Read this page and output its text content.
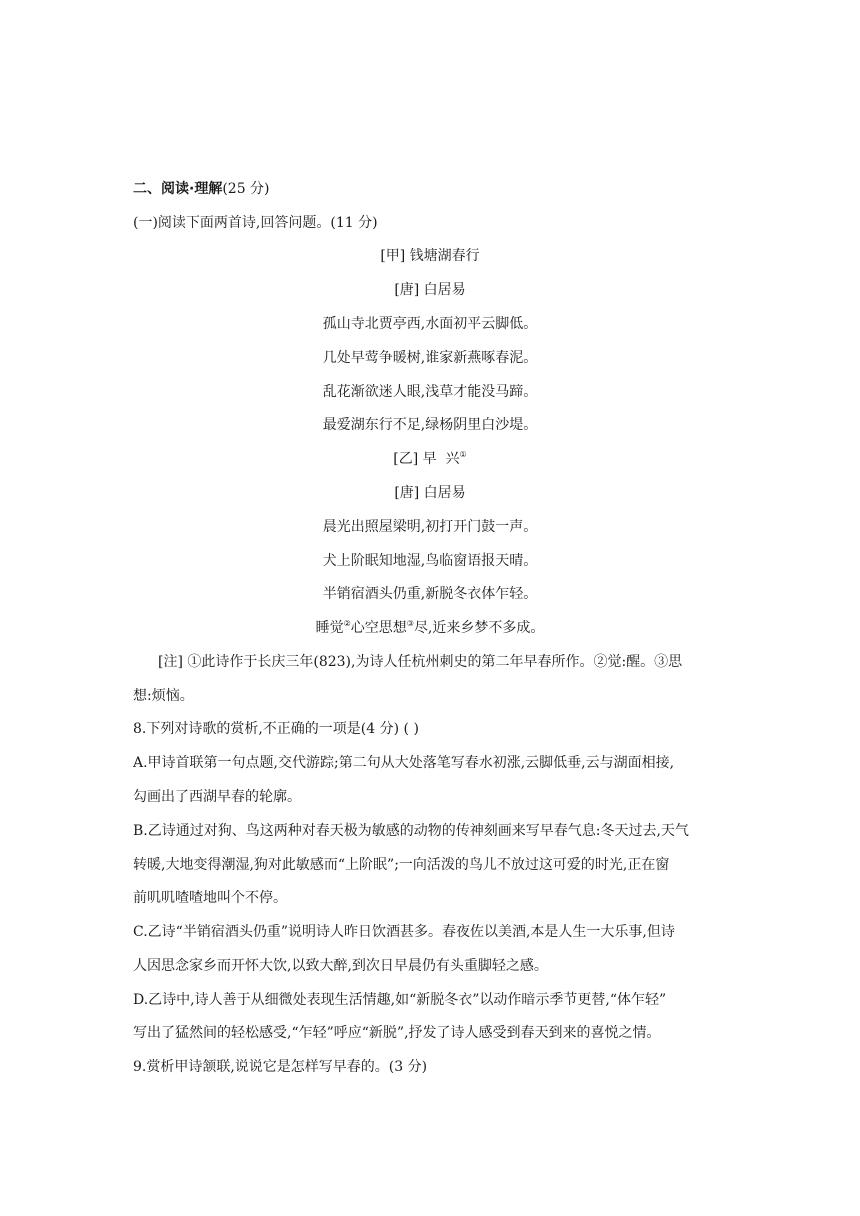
二、阅读·理解(25 分)
(一)阅读下面两首诗,回答问题。(11 分)
[甲] 钱塘湖春行
[唐] 白居易
孤山寺北贾亭西,水面初平云脚低。
几处早莺争暖树,谁家新燕啄春泥。
乱花渐欲迷人眼,浅草才能没马蹄。
最爱湖东行不足,绿杨阴里白沙堤。
[乙] 早  兴①
[唐] 白居易
晨光出照屋梁明,初打开门鼓一声。
犬上阶眠知地湿,鸟临窗语报天晴。
半销宿酒头仍重,新脱冬衣体乍轻。
睡觉②心空思想③尽,近来乡梦不多成。
[注] ①此诗作于长庆三年(823),为诗人任杭州刺史的第二年早春所作。②觉:醒。③思
想:烦恼。
8.下列对诗歌的赏析,不正确的一项是(4 分) ( )
A.甲诗首联第一句点题,交代游踪;第二句从大处落笔写春水初涨,云脚低垂,云与湖面相接,
勾画出了西湖早春的轮廓。
B.乙诗通过对狗、鸟这两种对春天极为敏感的动物的传神刻画来写早春气息:冬天过去,天气
转暖,大地变得潮湿,狗对此敏感而“上阶眠”;一向活泼的鸟儿不放过这可爱的时光,正在窗
前叽叽喳喳地叫个不停。
C.乙诗“半销宿酒头仍重”说明诗人昨日饮酒甚多。春夜佐以美酒,本是人生一大乐事,但诗
人因思念家乡而开怀大饮,以致大醉,到次日早晨仍有头重脚轻之感。
D.乙诗中,诗人善于从细微处表现生活情趣,如“新脱冬衣”以动作暗示季节更替,“体乍轻”
写出了猛然间的轻松感受,“乍轻”呼应“新脱”,抒发了诗人感受到春天到来的喜悦之情。
9.赏析甲诗颔联,说说它是怎样写早春的。(3 分)
